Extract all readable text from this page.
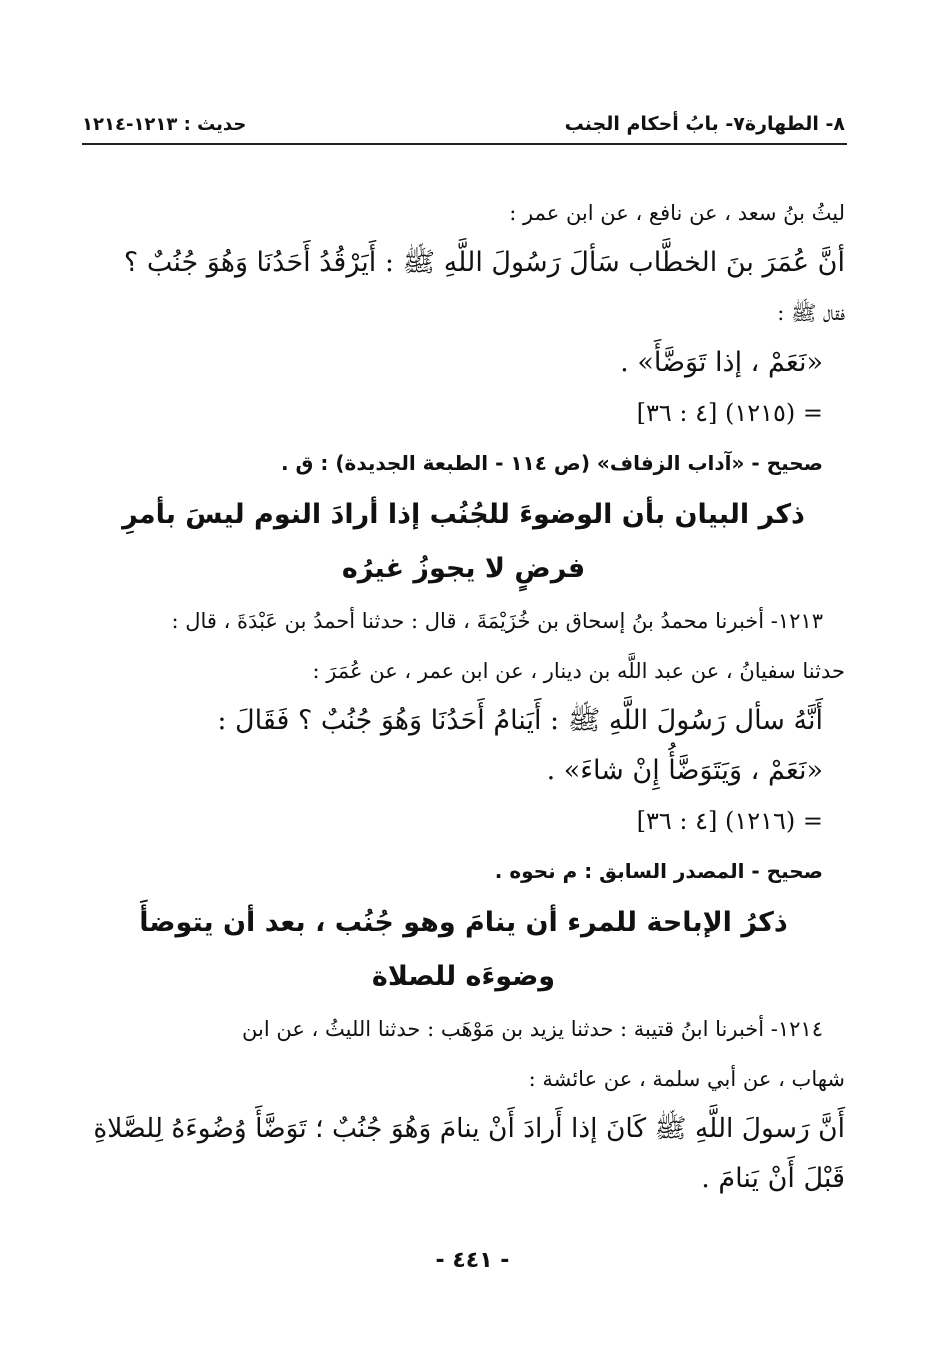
٨- الطهارة
٧- بابُ أحكام الجنب
حديث : ١٢١٣-١٢١٤
ليثُ بنُ سعد ، عن نافع ، عن ابن عمر :
أنَّ عُمَرَ بنَ الخطَّاب سَألَ رَسُولَ اللَّهِ ﷺ : أَيَرْقُدُ أَحَدُنَا وَهُوَ جُنُبٌ ؟
فقال ﷺ :
«نَعَمْ ، إذا تَوَضَّأَ» .
= (١٢١٥) [٤ : ٣٦]
صحيح - «آداب الزفاف» (ص ١١٤ - الطبعة الجديدة) : ق .
ذكر البيان بأن الوضوءَ للجُنُب إذا أرادَ النوم ليسَ بأمرِ
فرضٍ لا يجوزُ غيرُه
١٢١٣- أخبرنا محمدُ بنُ إسحاق بن خُزَيْمَةَ ، قال : حدثنا أحمدُ بن عَبْدَةَ ، قال :
حدثنا سفيانُ ، عن عبد اللَّه بن دينار ، عن ابن عمر ، عن عُمَرَ :
أَنَّهُ سأل رَسُولَ اللَّهِ ﷺ : أَيَنامُ أَحَدُنَا وَهُوَ جُنُبٌ ؟ فَقَالَ :
«نَعَمْ ، وَيَتَوَضَّأُ إِنْ شاءَ» .
= (١٢١٦) [٤ : ٣٦]
صحيح - المصدر السابق : م نحوه .
ذكرُ الإباحة للمرء أن ينامَ وهو جُنُب ، بعد أن يتوضأَ
وضوءَه للصلاة
١٢١٤- أخبرنا ابنُ قتيبة : حدثنا يزيد بن مَوْهَب : حدثنا الليثُ ، عن ابن
شهاب ، عن أبي سلمة ، عن عائشة :
أَنَّ رَسولَ اللَّهِ ﷺ كَانَ إذا أَرادَ أَنْ ينامَ وَهُوَ جُنُبٌ ؛ تَوَضَّأَ وُضُوءَهُ لِلصَّلاةِ
قَبْلَ أَنْ يَنامَ .
- ٤٤١ -
